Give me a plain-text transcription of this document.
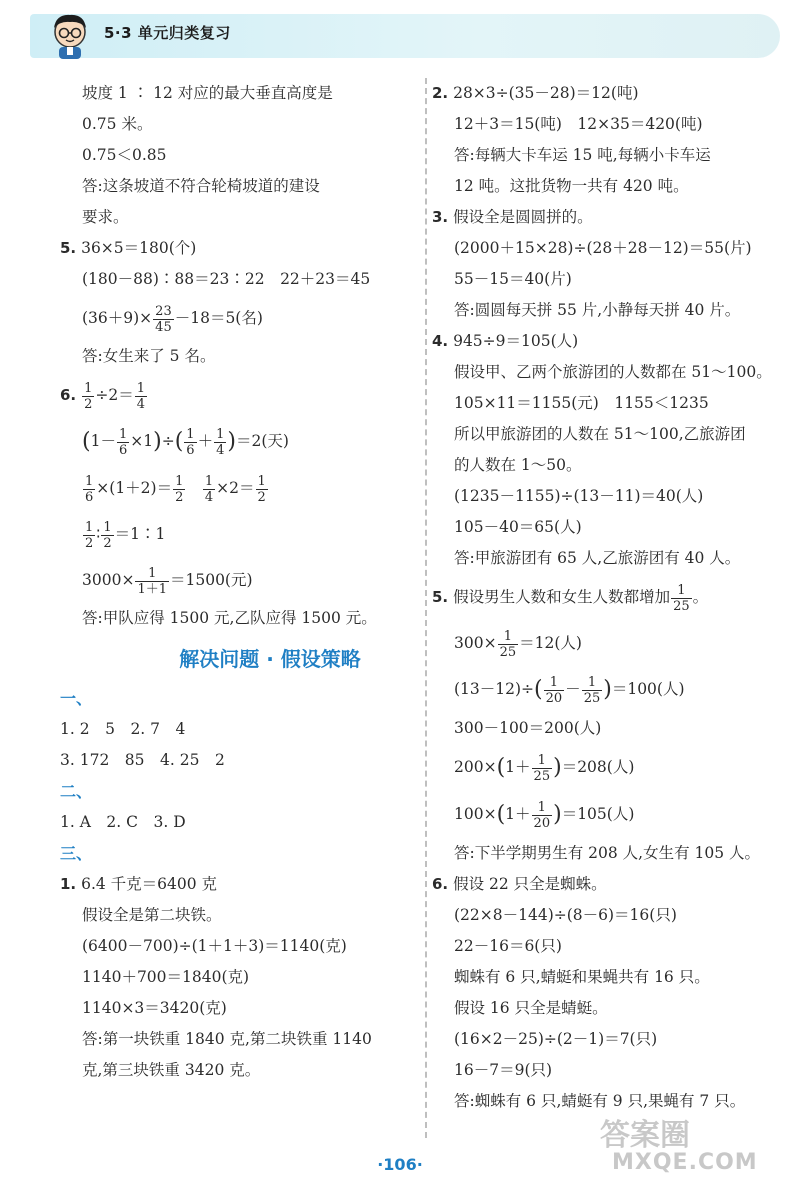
5·3 单元归类复习
坡度 1 ∶ 12 对应的最大垂直高度是
0.75 米。
0.75＜0.85
答:这条坡道不符合轮椅坡道的建设
要求。
5. 36×5＝180(个)
(180－88)∶88＝23∶22　22＋23＝45
$(36+9)\times \frac{23}{45} -18=5$(名)
答:女生来了 5 名。
6. $\frac{1}{2} \div 2= \frac{1}{4}$
$(1- \frac{1}{6} \times 1)\div( \frac{1}{6} + \frac{1}{4} )=2$(天)
$\frac{1}{6} \times(1+2)= \frac{1}{2}$
　 $\frac{1}{4} \times 2= \frac{1}{2}$
$\frac{1}{2}$ ∶ $\frac{1}{2}$ ＝1∶1
$3000\times \frac{1}{1+1} =1500$(元)
答:甲队应得 1500 元,乙队应得 1500 元。
解决问题 · 假设策略
一、
1. 2　5　2. 7　4
3. 172　85　4. 25　2
二、
1. A　2. C　3. D
三、
1. 6.4 千克＝6400 克
假设全是第二块铁。
(6400－700)÷(1＋1＋3)＝1140(克)
1140＋700＝1840(克)
1140×3＝3420(克)
答:第一块铁重 1840 克,第二块铁重 1140
克,第三块铁重 3420 克。
2. 28×3÷(35－28)＝12(吨)
12＋3＝15(吨)　12×35＝420(吨)
答:每辆大卡车运 15 吨,每辆小卡车运
12 吨。这批货物一共有 420 吨。
3. 假设全是圆圆拼的。
(2000＋15×28)÷(28＋28－12)＝55(片)
55－15＝40(片)
答:圆圆每天拼 55 片,小静每天拼 40 片。
4. 945÷9＝105(人)
假设甲、乙两个旅游团的人数都在 51～100。
105×11＝1155(元)　1155＜1235
所以甲旅游团的人数在 51～100,乙旅游团
的人数在 1～50。
(1235－1155)÷(13－11)＝40(人)
105－40＝65(人)
答:甲旅游团有 65 人,乙旅游团有 40 人。
5. 假设男生人数和女生人数都增加 $\frac{1}{25}$ 。
$300\times \frac{1}{25} =12$(人)
$(13-12)\div( \frac{1}{20} - \frac{1}{25} )=100$(人)
300－100＝200(人)
$200\times(1+ \frac{1}{25} )=208$(人)
$100\times(1+ \frac{1}{20} )=105$(人)
答:下半学期男生有 208 人,女生有 105 人。
6. 假设 22 只全是蜘蛛。
(22×8－144)÷(8－6)＝16(只)
22－16＝6(只)
蜘蛛有 6 只,蜻蜓和果蝇共有 16 只。
假设 16 只全是蜻蜓。
(16×2－25)÷(2－1)＝7(只)
16－7＝9(只)
答:蜘蛛有 6 只,蜻蜓有 9 只,果蝇有 7 只。
答案圈
MXQE.COM
·106·
